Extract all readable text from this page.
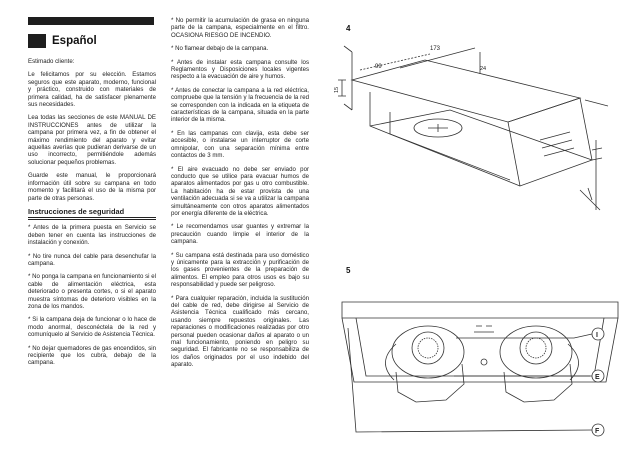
Español

Estimado cliente:

Le felicitamos por su elección. Estamos seguros que este aparato, moderno, funcional y práctico, construido con materiales de primera calidad, ha de satisfacer plenamente sus necesidades.

Lea todas las secciones de este MANUAL DE INSTRUCCIONES antes de utilizar la campana por primera vez, a fin de obtener el máximo rendimiento del aparato y evitar aquellas averías que pudieran derivarse de un uso incorrecto, permitiéndole además solucionar pequeños problemas.

Guarde este manual, le proporcionará información útil sobre su campana en todo momento y facilitará el uso de la misma por parte de otras personas.

Instrucciones de seguridad

* Antes de la primera puesta en Servicio se deben tener en cuenta las instrucciones de instalación y conexión.

* No tire nunca del cable para desenchufar la campana.

* No ponga la campana en funcionamiento si el cable de alimentación eléctrica, esta deteriorado o presenta cortes, o si el aparato muestra síntomas de deterioro visibles en la zona de los mandos.

* Si la campana deja de funcionar o lo hace de modo anormal, desconéctela de la red y comuníquelo al Servicio de Asistencia Técnica.

* No dejar quemadores de gas encendidos, sin recipiente que los cubra, debajo de la campana.

* No permitir la acumulación de grasa en ninguna parte de la campana, especialmente en el filtro. OCASIONA RIESGO DE INCENDIO.

* No flamear debajo de la campana.

* Antes de instalar esta campana consulte los Reglamentos y Disposiciones locales vigentes respecto a la evacuación de aire y humos.

* Antes de conectar la campana a la red eléctrica, compruebe que la tensión y la frecuencia de la red se corresponden con la indicada en la etiqueta de características de la campana, situada en la parte interior de la misma.

* En las campanas con clavija, esta debe ser accesible, o instalarse un interruptor de corte omnipolar, con una separación mínima entre contactos de 3 mm.

* El aire evacuado no debe ser enviado por conducto que se utilice para evacuar humos de aparatos alimentados por gas u otro combustible. La habitación ha de estar provista de una ventilación adecuada si se va a utilizar la campana simultáneamente con otros aparatos alimentados por energía diferente de la eléctrica.

* Le recomendamos usar guantes y extremar la precaución cuando limpie el interior de la campana.

* Su campana está destinada para uso doméstico y únicamente para la extracción y purificación de los gases provenientes de la preparación de alimentos. El empleo para otros usos es bajo su responsabilidad y puede ser peligroso.

* Para cualquier reparación, incluida la sustitución del cable de red, debe dirigirse al Servicio de Asistencia Técnica cualificado más cercano, usando siempre repuestos originales. Las reparaciones o modificaciones realizadas por otro personal pueden ocasionar daños al aparato o un mal funcionamiento, poniendo en peligro su seguridad. El fabricante no se responsabiliza de los daños originados por el uso indebido del aparato.

4
99
173
15
24
5
I
E
F
